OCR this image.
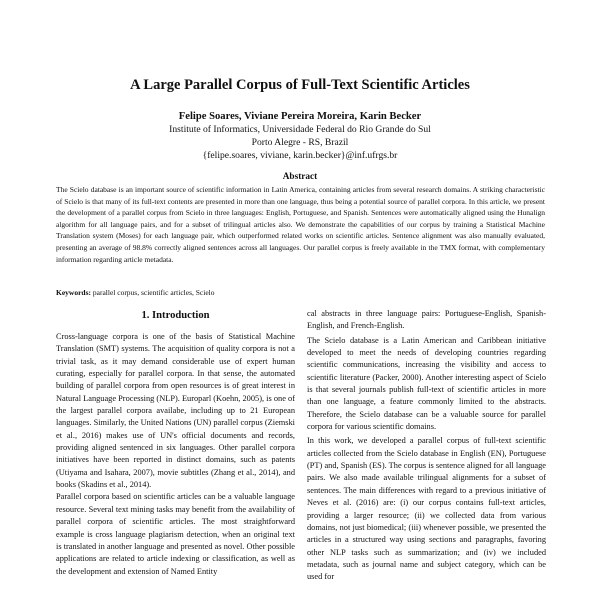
A Large Parallel Corpus of Full-Text Scientific Articles

Felipe Soares, Viviane Pereira Moreira, Karin Becker

Institute of Informatics, Universidade Federal do Rio Grande do Sul

Porto Alegre - RS, Brazil

{felipe.soares, viviane, karin.becker}@inf.ufrgs.br

Abstract

The Scielo database is an important source of scientific information in Latin America, containing articles from several research domains. A striking characteristic of Scielo is that many of its full-text contents are presented in more than one language, thus being a potential source of parallel corpora. In this article, we present the development of a parallel corpus from Scielo in three languages: English, Portuguese, and Spanish. Sentences were automatically aligned using the Hunalign algorithm for all language pairs, and for a subset of trilingual articles also. We demonstrate the capabilities of our corpus by training a Statistical Machine Translation system (Moses) for each language pair, which outperformed related works on scientific articles. Sentence alignment was also manually evaluated, presenting an average of 98.8% correctly aligned sentences across all languages. Our parallel corpus is freely available in the TMX format, with complementary information regarding article metadata.

Keywords: parallel corpus, scientific articles, Scielo

1. Introduction

Cross-language corpora is one of the basis of Statistical Machine Translation (SMT) systems. The acquisition of quality corpora is not a trivial task, as it may demand considerable use of expert human curating, especially for parallel corpora. In that sense, the automated building of parallel corpora from open resources is of great interest in Natural Language Processing (NLP). Europarl (Koehn, 2005), is one of the largest parallel corpora availabe, including up to 21 European languages. Similarly, the United Nations (UN) parallel corpus (Ziemski et al., 2016) makes use of UN's official documents and records, providing aligned sentenced in six languages. Other parallel corpora initiatives have been reported in distinct domains, such as patents (Utiyama and Isahara, 2007), movie subtitles (Zhang et al., 2014), and books (Skadins et al., 2014).

Parallel corpora based on scientific articles can be a valuable language resource. Several text mining tasks may benefit from the availability of parallel corpora of scientific articles. The most straightforward example is cross language plagiarism detection, when an original text is translated in another language and presented as novel. Other possible applications are related to article indexing or classification, as well as the development and extension of Named Entity

cal abstracts in three language pairs: Portuguese-English, Spanish-English, and French-English.

The Scielo database is a Latin American and Caribbean initiative developed to meet the needs of developing countries regarding scientific communications, increasing the visibility and access to scientific literature (Packer, 2000). Another interesting aspect of Scielo is that several journals publish full-text of scientific articles in more than one language, a feature commonly limited to the abstracts. Therefore, the Scielo database can be a valuable source for parallel corpora for various scientific domains.

In this work, we developed a parallel corpus of full-text scientific articles collected from the Scielo database in English (EN), Portuguese (PT) and, Spanish (ES). The corpus is sentence aligned for all language pairs. We also made available trilingual alignments for a subset of sentences. The main differences with regard to a previous initiative of Neves et al. (2016) are: (i) our corpus contains full-text articles, providing a larger resource; (ii) we collected data from various domains, not just biomedical; (iii) whenever possible, we presented the articles in a structured way using sections and paragraphs, favoring other NLP tasks such as summarization; and (iv) we included metadata, such as journal name and subject category, which can be used for
